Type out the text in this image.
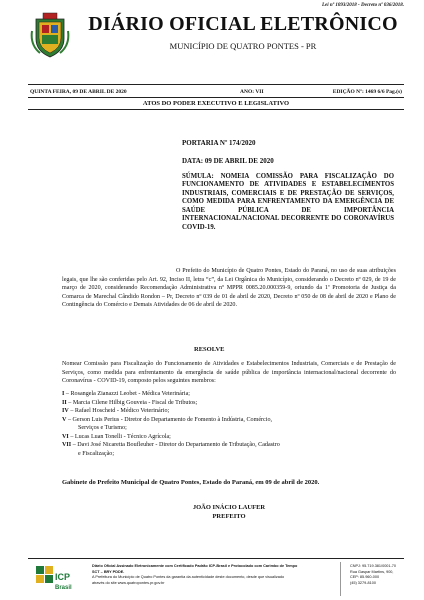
Lei nº 1093/2018 - Decreto nº 036/2018.
DIÁRIO OFICIAL ELETRÔNICO
MUNICÍPIO DE QUATRO PONTES - PR
QUINTA FEIRA, 09 DE ABRIL DE 2020	ANO: VII	EDIÇÃO Nº: 1469 6/6 Pag.(s)
ATOS DO PODER EXECUTIVO E LEGISLATIVO
PORTARIA Nº 174/2020
DATA: 09 DE ABRIL DE 2020
SÚMULA: NOMEIA COMISSÃO PARA FISCALIZAÇÃO DO FUNCIONAMENTO DE ATIVIDADES E ESTABELECIMENTOS INDUSTRIAIS, COMERCIAIS E DE PRESTAÇÃO DE SERVIÇOS, COMO MEDIDA PARA ENFRENTAMENTO DA EMERGÊNCIA DE SAÚDE PÚBLICA DE IMPORTÂNCIA INTERNACIONAL/NACIONAL DECORRENTE DO CORONAVÍRUS COVID-19.
O Prefeito do Município de Quatro Pontes, Estado do Paraná, no uso de suas atribuições legais, que lhe são conferidas pelo Art. 92, Inciso II, letra “c”, da Lei Orgânica do Município, considerando o Decreto nº 029, de 19 de março de 2020, considerando Recomendação Administrativa nº MPPR 0085.20.000359-9, oriundo da 1ª Promotoria de Justiça da Comarca de Marechal Cândido Rondon – Pr, Decreto nº 039 de 01 de abril de 2020, Decreto nº 050 de 08 de abril de 2020 e Plano de Contingência do Comércio e Demais Atividades de 06 de abril de 2020.
RESOLVE
Nomear Comissão para Fiscalização do Funcionamento de Atividades e Estabelecimentos Industriais, Comerciais e de Prestação de Serviços, como medida para enfrentamento da emergência de saúde pública de importância internacional/nacional decorrente do Coronavírus - COVID-19, composto pelos seguintes membros:
I – Rosangela Zianazzi Leobet - Médica Veterinária;
II – Marcia Cilene Hilbig Gouveia - Fiscal de Tributos;
IV – Rafael Hoscheid - Médico Veterinário;
V – Gerson Luis Perius - Diretor do Departamento de Fomento à Indústria, Comércio,
Serviços e Turismo;
VI – Lucas Luan Tonelli - Técnico Agrícola;
VII – Davi José Nicaretta Boufleuher - Diretor do Departamento de Tributação, Cadastro
e Fiscalização;
Gabinete do Prefeito Municipal de Quatro Pontes, Estado do Paraná, em 09 de abril de 2020.
JOÃO INÁCIO LAUFER
PREFEITO
ICP
Brasil
Diário Oficial Assinado Eletronicamente com Certificado Padrão ICP-Brasil e Protocolado com Carimbo de Tempo
SCT – BRY PDDE.
A Prefeitura do Município de Quatro Pontes da garantia da autenticidade deste documento, desde que visualizado
através do site www.quatropontes.pr.gov.br
CNPJ: 95.719.381/0001-70
Rua Gaspar Martins, 900,
CEP: 85.960-000
(45) 3279-8100
